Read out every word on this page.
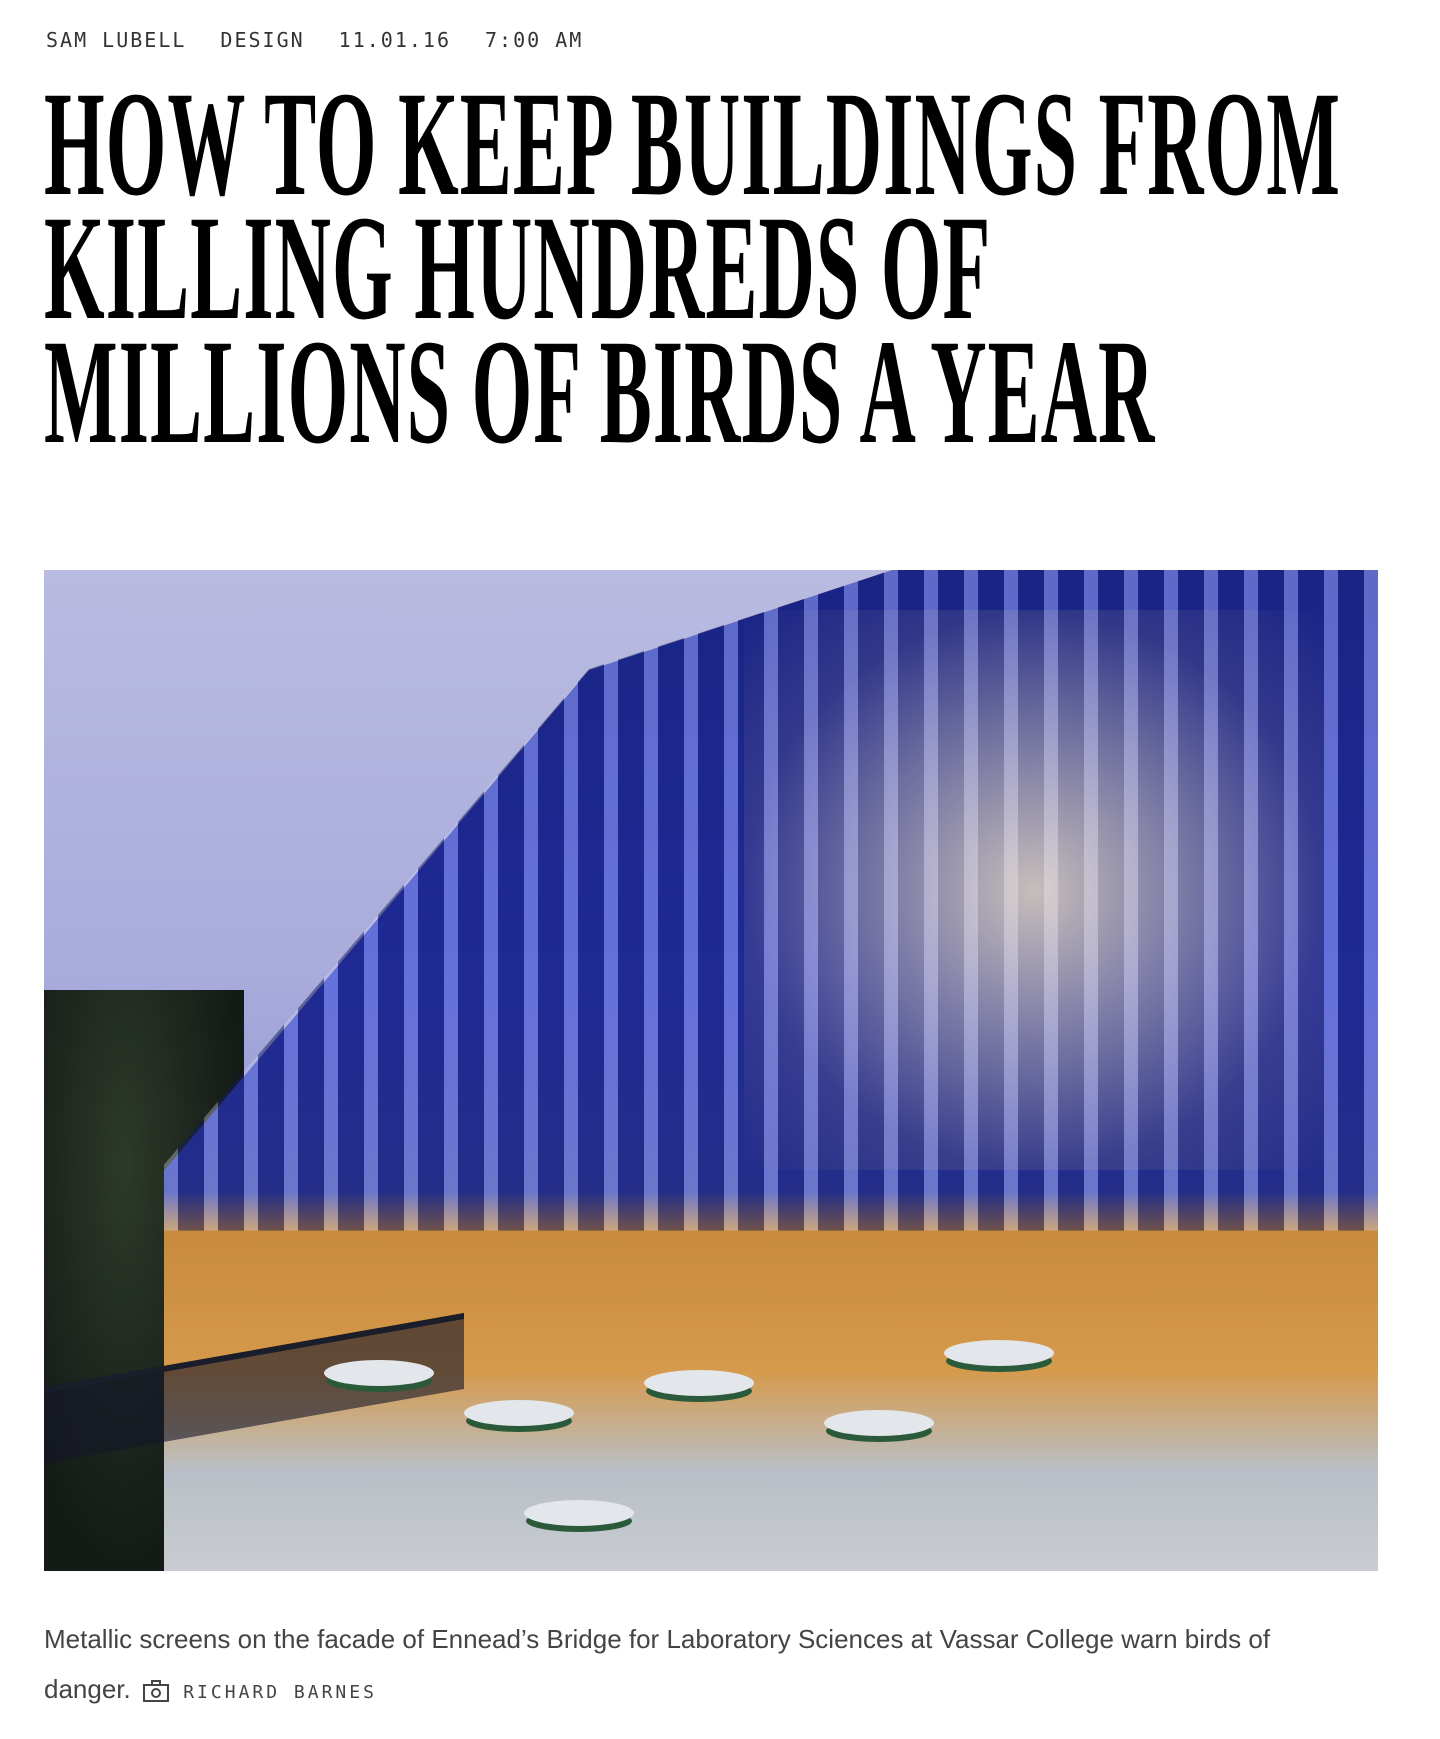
SAM LUBELL DESIGN 11.01.16 7:00 AM
HOW TO KEEP BUILDINGS FROM
KILLING HUNDREDS OF
MILLIONS OF BIRDS A YEAR

Metallic screens on the facade of Ennead’s Bridge for Laboratory Sciences at Vassar College warn birds of danger.	RICHARD BARNES
